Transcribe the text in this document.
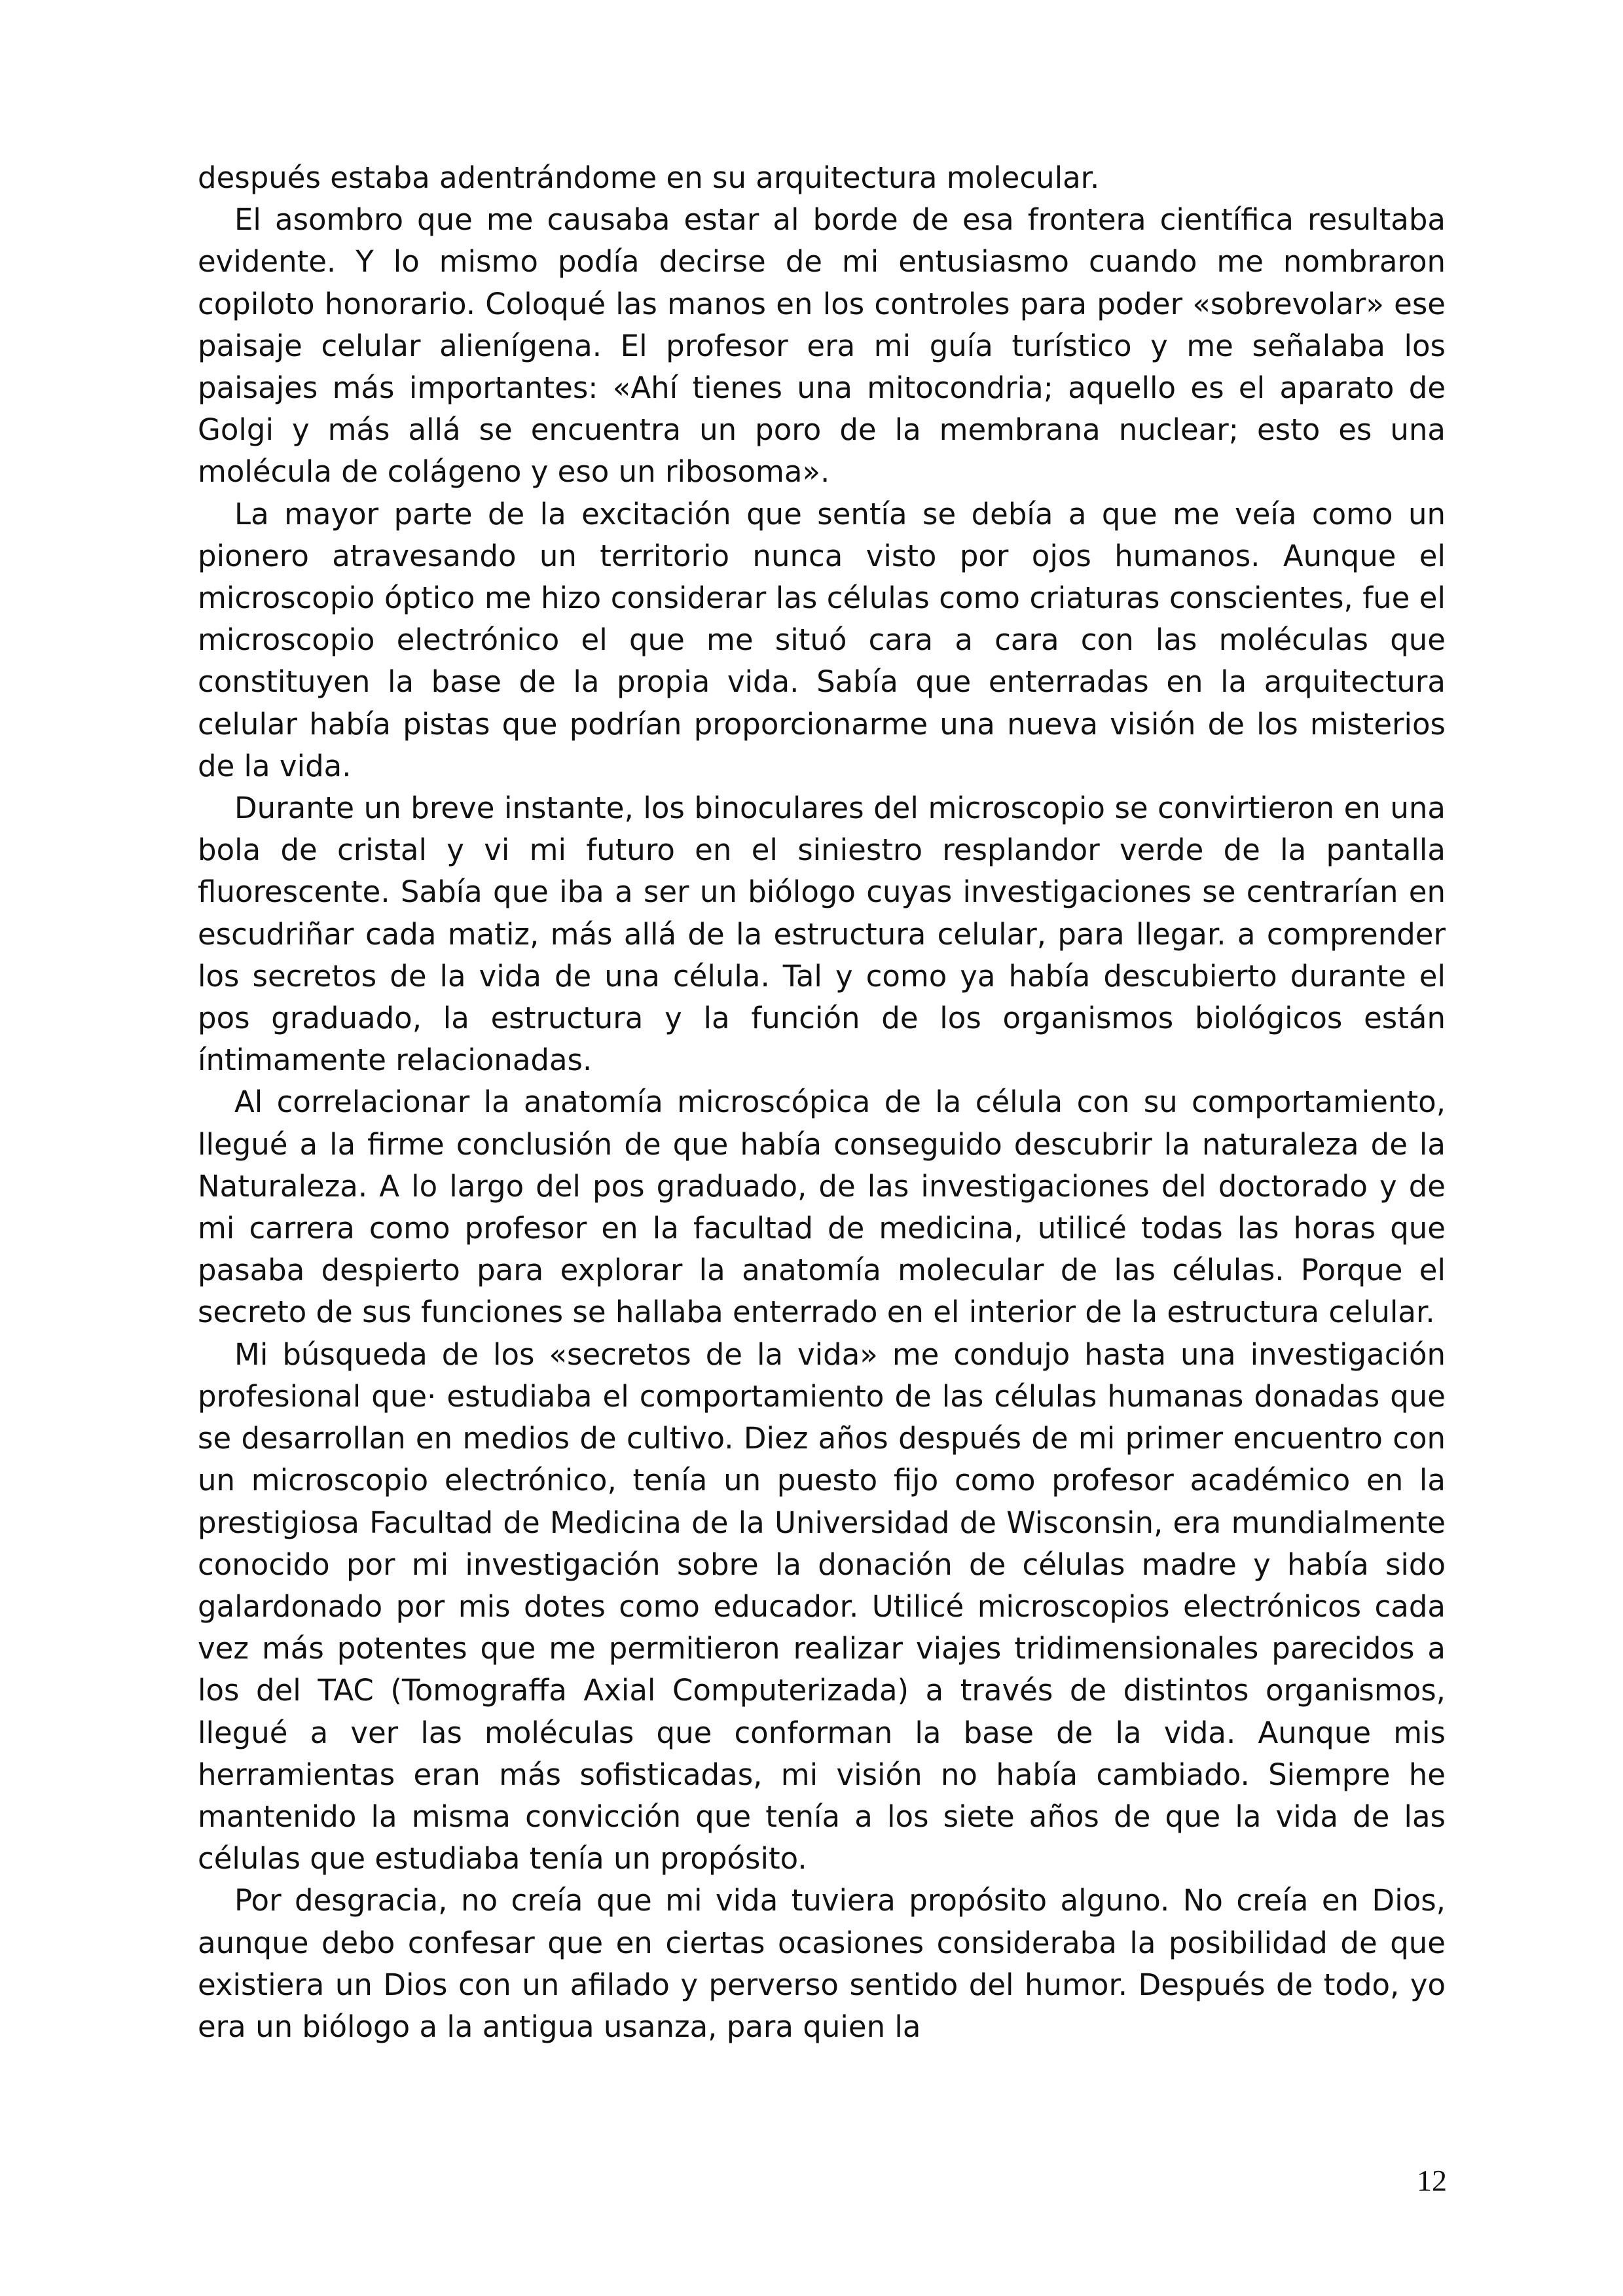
después estaba adentrándome en su arquitectura molecular.

El asombro que me causaba estar al borde de esa frontera científica resultaba evidente. Y lo mismo podía decirse de mi entusiasmo cuando me nombraron copiloto honorario. Coloqué las manos en los controles para poder «sobrevolar» ese paisaje celular alienígena. El profesor era mi guía turístico y me señalaba los paisajes más importantes: «Ahí tienes una mitocondria; aquello es el aparato de Golgi y más allá se encuentra un poro de la membrana nuclear; esto es una molécula de colágeno y eso un ribosoma».

La mayor parte de la excitación que sentía se debía a que me veía como un pionero atravesando un territorio nunca visto por ojos humanos. Aunque el microscopio óptico me hizo considerar las células como criaturas conscientes, fue el microscopio electrónico el que me situó cara a cara con las moléculas que constituyen la base de la propia vida. Sabía que enterradas en la arquitectura celular había pistas que podrían proporcionarme una nueva visión de los misterios de la vida.

Durante un breve instante, los binoculares del microscopio se convirtieron en una bola de cristal y vi mi futuro en el siniestro resplandor verde de la pantalla fluorescente. Sabía que iba a ser un biólogo cuyas investigaciones se centrarían en escudriñar cada matiz, más allá de la estructura celular, para llegar. a comprender los secretos de la vida de una célula. Tal y como ya había descubierto durante el pos graduado, la estructura y la función de los organismos biológicos están íntimamente relacionadas.

Al correlacionar la anatomía microscópica de la célula con su comportamiento, llegué a la firme conclusión de que había conseguido descubrir la naturaleza de la Naturaleza. A lo largo del pos graduado, de las investigaciones del doctorado y de mi carrera como profesor en la facultad de medicina, utilicé todas las horas que pasaba despierto para explorar la anatomía molecular de las células. Porque el secreto de sus funciones se hallaba enterrado en el interior de la estructura celular.

Mi búsqueda de los «secretos de la vida» me condujo hasta una investigación profesional que· estudiaba el comportamiento de las células humanas donadas que se desarrollan en medios de cultivo. Diez años después de mi primer encuentro con un microscopio electrónico, tenía un puesto fijo como profesor académico en la prestigiosa Facultad de Medicina de la Universidad de Wisconsin, era mundialmente conocido por mi investigación sobre la donación de células madre y había sido galardonado por mis dotes como educador. Utilicé microscopios electrónicos cada vez más potentes que me permitieron realizar viajes tridimensionales parecidos a los del TAC (Tomograffa Axial Computerizada) a través de distintos organismos, llegué a ver las moléculas que conforman la base de la vida. Aunque mis herramientas eran más sofisticadas, mi visión no había cambiado. Siempre he mantenido la misma convicción que tenía a los siete años de que la vida de las células que estudiaba tenía un propósito.

Por desgracia, no creía que mi vida tuviera propósito alguno. No creía en Dios, aunque debo confesar que en ciertas ocasiones consideraba la posibilidad de que existiera un Dios con un afilado y perverso sentido del humor. Después de todo, yo era un biólogo a la antigua usanza, para quien la

12
